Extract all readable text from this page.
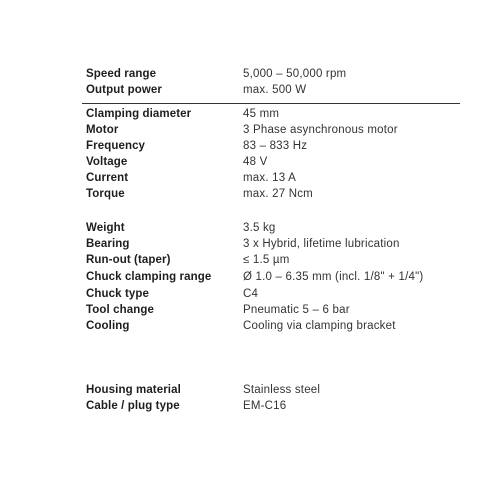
Speed range	5,000 – 50,000 rpm
Output power	max. 500 W
Clamping diameter	45 mm
Motor	3 Phase asynchronous motor
Frequency	83 – 833 Hz
Voltage	48 V
Current	max. 13 A
Torque	max. 27 Ncm
Weight	3.5 kg
Bearing	3 x Hybrid, lifetime lubrication
Run-out (taper)	≤ 1.5 µm
Chuck clamping range	Ø 1.0 – 6.35 mm (incl. 1/8" + 1/4")
Chuck type	C4
Tool change	Pneumatic 5 – 6 bar
Cooling	Cooling via clamping bracket
Housing material	Stainless steel
Cable / plug type	EM-C16
